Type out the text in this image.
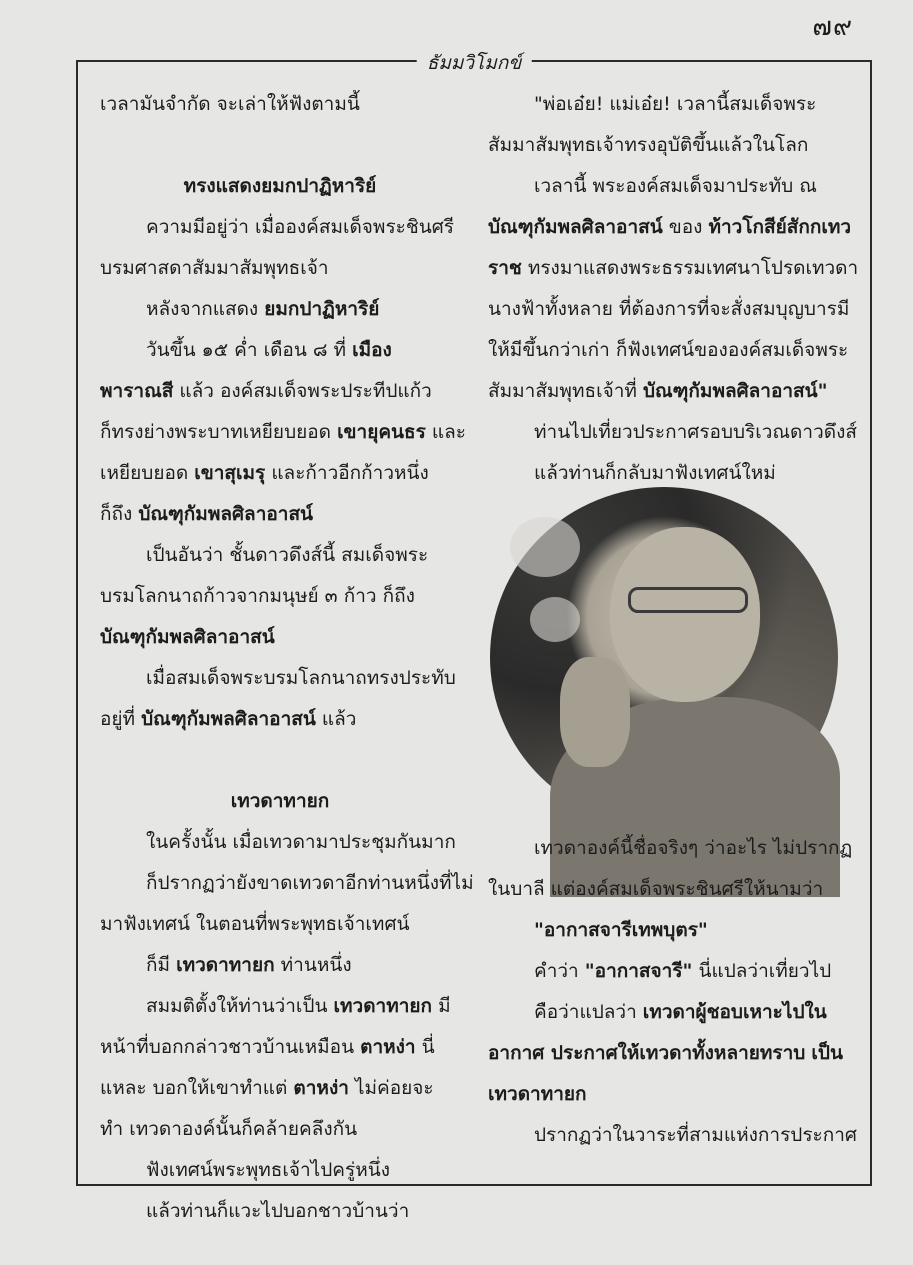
๗๙
ธัมมวิโมกข์
เวลามันจำกัด จะเล่าให้ฟังตามนี้
ทรงแสดงยมกปาฏิหาริย์
ความมีอยู่ว่า เมื่อองค์สมเด็จพระชินศรี
บรมศาสดาสัมมาสัมพุทธเจ้า
หลังจากแสดง ยมกปาฏิหาริย์
วันขึ้น ๑๕ ค่ำ เดือน ๘ ที่ เมือง
พาราณสี แล้ว องค์สมเด็จพระประทีปแก้ว
ก็ทรงย่างพระบาทเหยียบยอด เขายุคนธร และ
เหยียบยอด เขาสุเมรุ และก้าวอีกก้าวหนึ่ง
ก็ถึง บัณฑุกัมพลศิลาอาสน์
เป็นอันว่า ชั้นดาวดึงส์นี้ สมเด็จพระ
บรมโลกนาถก้าวจากมนุษย์ ๓ ก้าว ก็ถึง
บัณฑุกัมพลศิลาอาสน์
เมื่อสมเด็จพระบรมโลกนาถทรงประทับ
อยู่ที่ บัณฑุกัมพลศิลาอาสน์ แล้ว
เทวดาทายก
ในครั้งนั้น เมื่อเทวดามาประชุมกันมาก
ก็ปรากฏว่ายังขาดเทวดาอีกท่านหนึ่งที่ไม่
มาฟังเทศน์ ในตอนที่พระพุทธเจ้าเทศน์
ก็มี เทวดาทายก ท่านหนึ่ง
สมมติตั้งให้ท่านว่าเป็น เทวดาทายก มี
หน้าที่บอกกล่าวชาวบ้านเหมือน ตาหง่า นี่
แหละ บอกให้เขาทำแต่ ตาหง่า ไม่ค่อยจะ
ทำ เทวดาองค์นั้นก็คล้ายคลึงกัน
ฟังเทศน์พระพุทธเจ้าไปครู่หนึ่ง
แล้วท่านก็แวะไปบอกชาวบ้านว่า
"พ่อเอ๋ย! แม่เอ๋ย! เวลานี้สมเด็จพระ
สัมมาสัมพุทธเจ้าทรงอุบัติขึ้นแล้วในโลก
เวลานี้ พระองค์สมเด็จมาประทับ ณ
บัณฑุกัมพลศิลาอาสน์ ของ ท้าวโกสีย์สักกเทว
ราช ทรงมาแสดงพระธรรมเทศนาโปรดเทวดา
นางฟ้าทั้งหลาย ที่ต้องการที่จะสั่งสมบุญบารมี
ให้มีขึ้นกว่าเก่า ก็ฟังเทศน์ขององค์สมเด็จพระ
สัมมาสัมพุทธเจ้าที่ บัณฑุกัมพลศิลาอาสน์"
ท่านไปเที่ยวประกาศรอบบริเวณดาวดึงส์
แล้วท่านก็กลับมาฟังเทศน์ใหม่
เทวดาองค์นี้ชื่อจริงๆ ว่าอะไร ไม่ปรากฏ
ในบาลี แต่องค์สมเด็จพระชินศรีให้นามว่า
"อากาสจารีเทพบุตร"
คำว่า "อากาสจารี" นี่แปลว่าเที่ยวไป
คือว่าแปลว่า เทวดาผู้ชอบเหาะไปใน
อากาศ ประกาศให้เทวดาทั้งหลายทราบ เป็น
เทวดาทายก
ปรากฏว่าในวาระที่สามแห่งการประกาศ
